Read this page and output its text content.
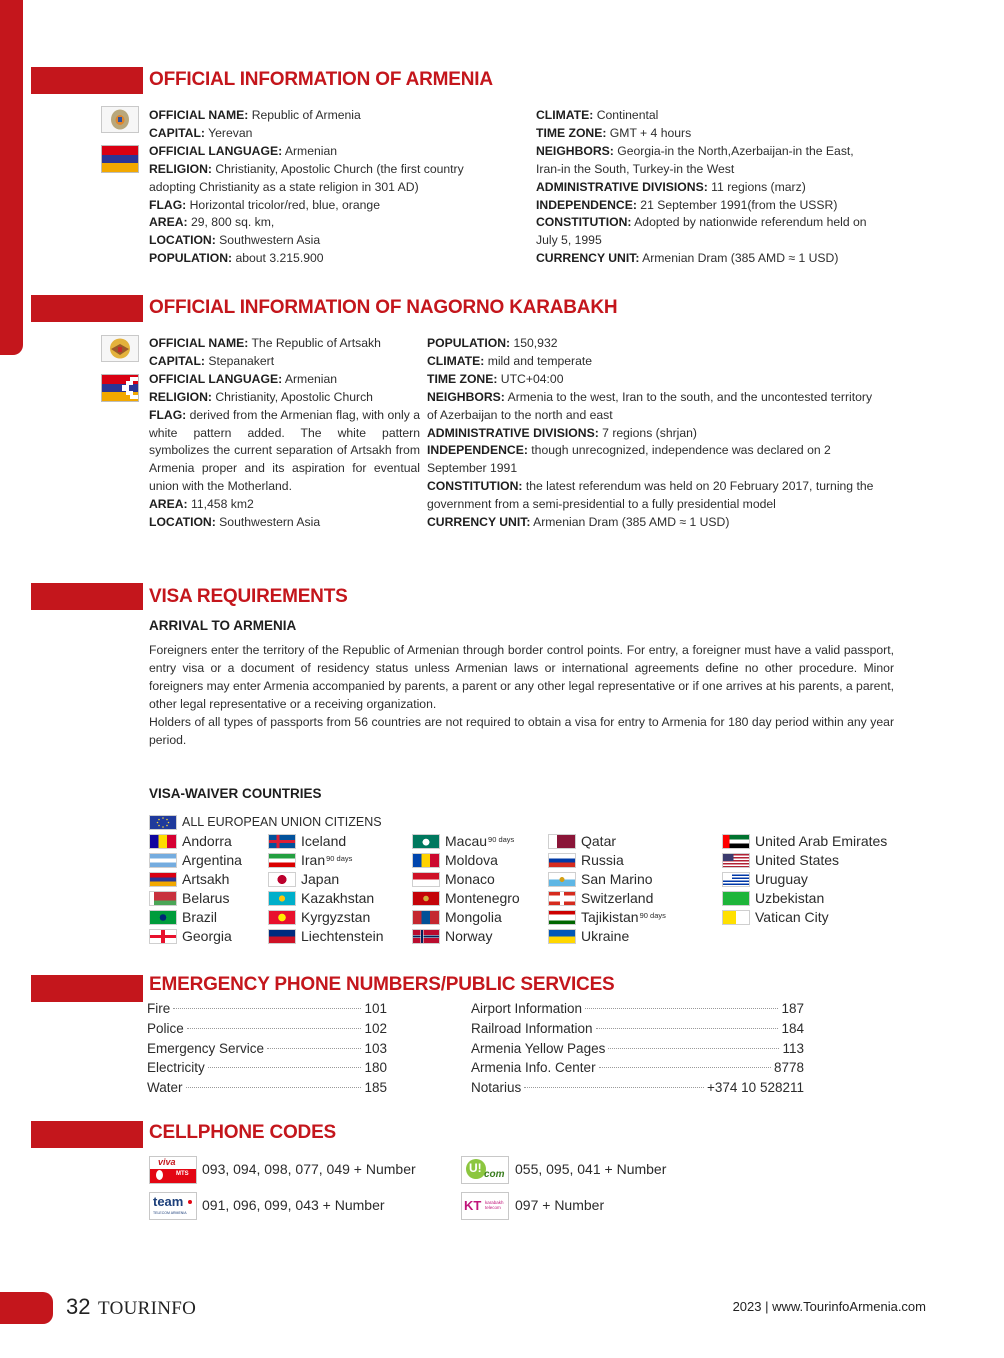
OFFICIAL INFORMATION OF ARMENIA
OFFICIAL NAME: Republic of Armenia
CAPITAL: Yerevan
OFFICIAL LANGUAGE: Armenian
RELIGION: Christianity, Apostolic Church (the first country adopting Christianity as a state religion in 301 AD)
FLAG: Horizontal tricolor/red, blue, orange
AREA: 29, 800 sq. km,
LOCATION: Southwestern Asia
POPULATION: about 3.215.900
CLIMATE: Continental
TIME ZONE: GMT + 4 hours
NEIGHBORS: Georgia-in the North,Azerbaijan-in the East, Iran-in the South, Turkey-in the West
ADMINISTRATIVE DIVISIONS: 11 regions (marz)
INDEPENDENCE: 21 September 1991(from the USSR)
CONSTITUTION: Adopted by nationwide referendum held on July 5, 1995
CURRENCY UNIT: Armenian Dram (385 AMD ≈ 1 USD)
OFFICIAL INFORMATION OF NAGORNO KARABAKH
OFFICIAL NAME: The Republic of Artsakh
CAPITAL: Stepanakert
OFFICIAL LANGUAGE: Armenian
RELIGION: Christianity, Apostolic Church
FLAG: derived from the Armenian flag, with only a white pattern added. The white pattern symbolizes the current separation of Artsakh from Armenia proper and its aspiration for eventual union with the Motherland.
AREA: 11,458 km2
LOCATION: Southwestern Asia
POPULATION: 150,932
CLIMATE: mild and temperate
TIME ZONE: UTC+04:00
NEIGHBORS: Armenia to the west, Iran to the south, and the uncontested territory of Azerbaijan to the north and east
ADMINISTRATIVE DIVISIONS: 7 regions (shrjan)
INDEPENDENCE: though unrecognized, independence was declared on 2 September 1991
CONSTITUTION: the latest referendum was held on 20 February 2017, turning the government from a semi-presidential to a fully presidential model
CURRENCY UNIT: Armenian Dram (385 AMD ≈ 1 USD)
VISA REQUIREMENTS
ARRIVAL TO ARMENIA
Foreigners enter the territory of the Republic of Armenian through border control points. For entry, a foreigner must have a valid passport, entry visa or a document of residency status unless Armenian laws or international agreements define no other procedure. Minor foreigners may enter Armenia accompanied by parents, a parent or any other legal representative or if one arrives at his parents, a parent, other legal representative or a receiving organization.
Holders of all types of passports from 56 countries are not required to obtain a visa for entry to Armenia for 180 day period within any year period.
VISA-WAIVER COUNTRIES
ALL EUROPEAN UNION CITIZENS
Andorra
Argentina
Artsakh
Belarus
Brazil
Georgia
Iceland
Iran$^{90 days}$
Japan
Kazakhstan
Kyrgyzstan
Liechtenstein
Macau$^{90 days}$
Moldova
Monaco
Montenegro
Mongolia
Norway
Qatar
Russia
San Marino
Switzerland
Tajikistan$^{90 days}$
Ukraine
United Arab Emirates
United States
Uruguay
Uzbekistan
Vatican City
EMERGENCY PHONE NUMBERS/PUBLIC SERVICES
Fire	101
Police	102
Emergency Service	103
Electricity	180
Water	185
Airport Information	187
Railroad Information	184
Armenia Yellow Pages	113
Armenia Info. Center	8778
Notarius	+374 10 528211
CELLPHONE CODES
viva
MTS 093, 094, 098, 077, 049 + Number	U! com 055, 095, 041 + Number
team
TELECOM ARMENIA 091, 096, 099, 043 + Number	KT karabakh telecom	097 + Number
32 TOURINFO	2023 | www.TourinfoArmenia.com
